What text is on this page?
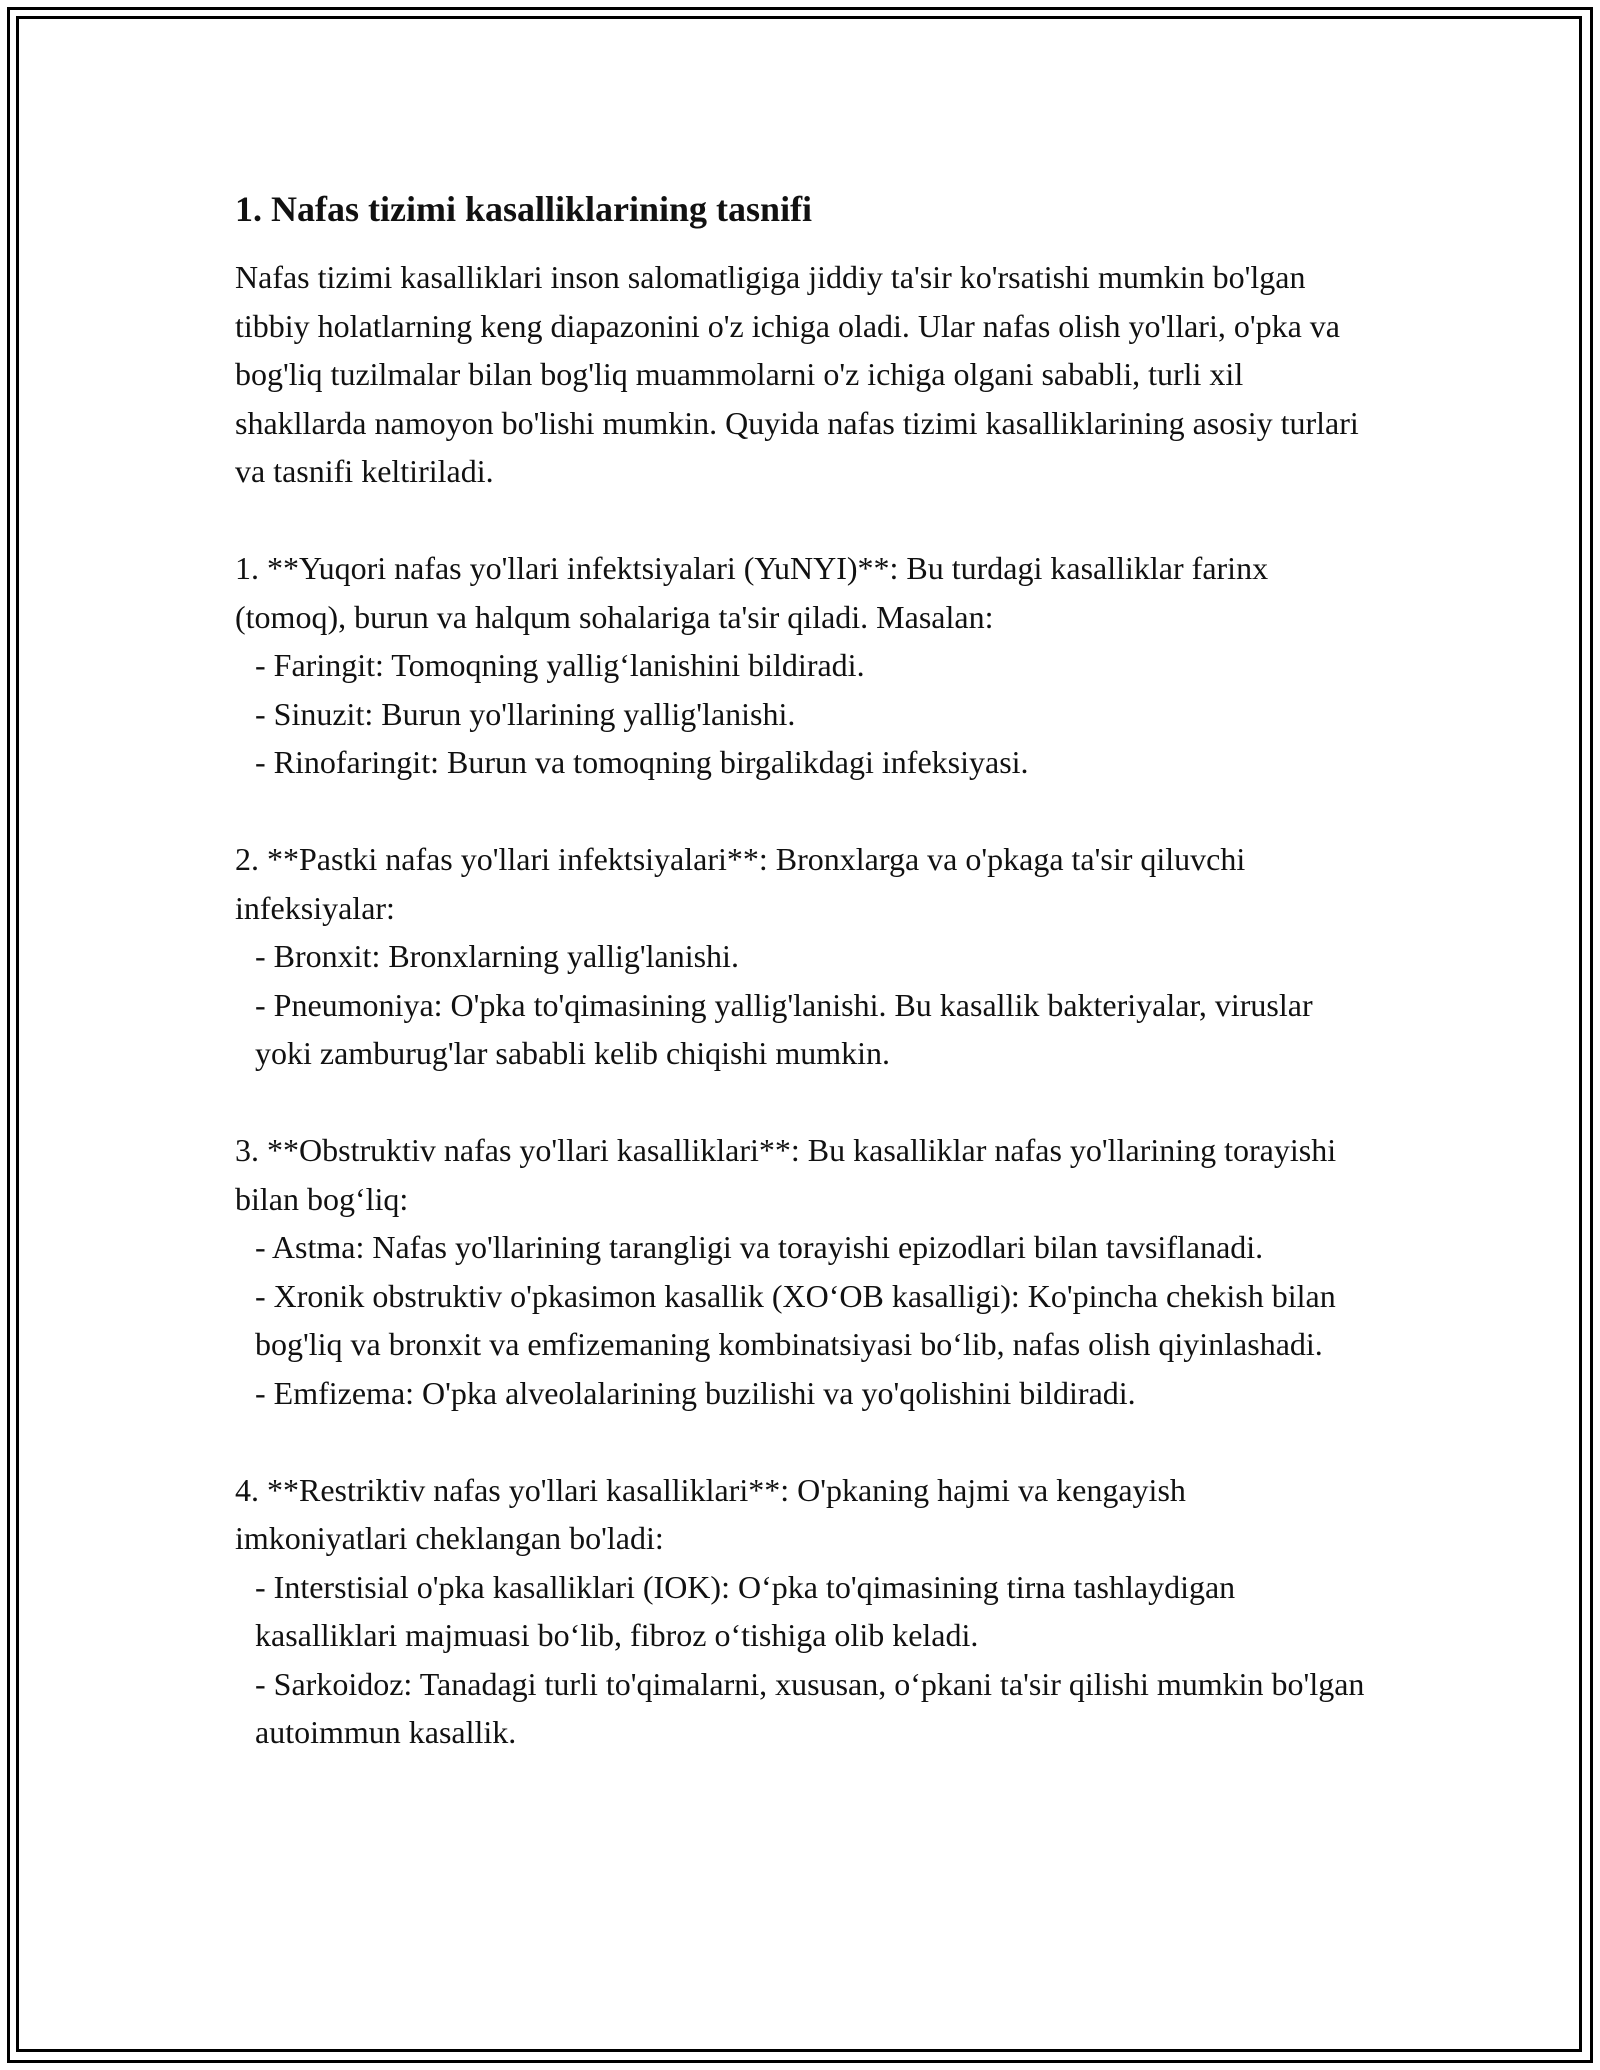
1. Nafas tizimi kasalliklarining tasnifi

Nafas tizimi kasalliklari inson salomatligiga jiddiy ta'sir ko'rsatishi mumkin bo'lgan tibbiy holatlarning keng diapazonini o'z ichiga oladi. Ular nafas olish yo'llari, o'pka va bog'liq tuzilmalar bilan bog'liq muammolarni o'z ichiga olgani sababli, turli xil shakllarda namoyon bo'lishi mumkin. Quyida nafas tizimi kasalliklarining asosiy turlari va tasnifi keltiriladi.

1. **Yuqori nafas yo'llari infektsiyalari (YuNYI)**: Bu turdagi kasalliklar farinx (tomoq), burun va halqum sohalariga ta'sir qiladi. Masalan:

- Faringit: Tomoqning yallig‘lanishini bildiradi.

- Sinuzit: Burun yo'llarining yallig'lanishi.

- Rinofaringit: Burun va tomoqning birgalikdagi infeksiyasi.

2. **Pastki nafas yo'llari infektsiyalari**: Bronxlarga va o'pkaga ta'sir qiluvchi infeksiyalar:

- Bronxit: Bronxlarning yallig'lanishi.

- Pneumoniya: O'pka to'qimasining yallig'lanishi. Bu kasallik bakteriyalar, viruslar yoki zamburug'lar sababli kelib chiqishi mumkin.

3. **Obstruktiv nafas yo'llari kasalliklari**: Bu kasalliklar nafas yo'llarining torayishi bilan bog‘liq:

- Astma: Nafas yo'llarining tarangligi va torayishi epizodlari bilan tavsiflanadi.

- Xronik obstruktiv o'pkasimon kasallik (XO‘OB kasalligi): Ko'pincha chekish bilan bog'liq va bronxit va emfizemaning kombinatsiyasi bo‘lib, nafas olish qiyinlashadi.

- Emfizema: O'pka alveolalarining buzilishi va yo'qolishini bildiradi.

4. **Restriktiv nafas yo'llari kasalliklari**: O'pkaning hajmi va kengayish imkoniyatlari cheklangan bo'ladi:

- Interstisial o'pka kasalliklari (IOK): O‘pka to'qimasining tirna tashlaydigan kasalliklari majmuasi bo‘lib, fibroz o‘tishiga olib keladi.

- Sarkoidoz: Tanadagi turli to'qimalarni, xususan, o‘pkani ta'sir qilishi mumkin bo'lgan autoimmun kasallik.
